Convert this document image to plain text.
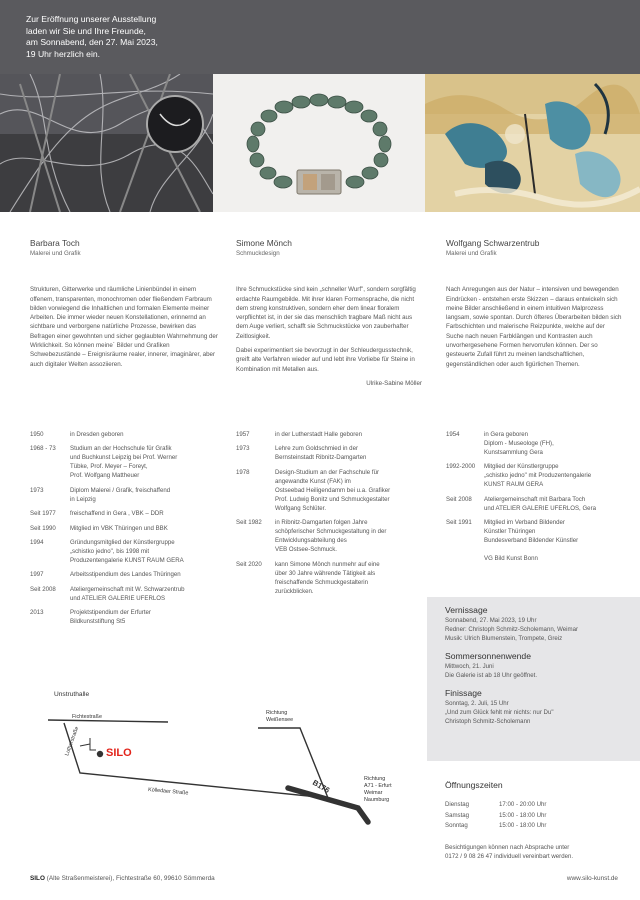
Zur Eröffnung unserer Ausstellung
laden wir Sie und Ihre Freunde,
am Sonnabend, den 27. Mai 2023,
19 Uhr herzlich ein.
Barbara Toch
Malerei und Grafik

Strukturen, Gitterwerke und räumliche Linienbündel in einem offenem, transparenten, monochromen oder fließendem Farbraum bilden vorwiegend die Inhaltlichen und formalen Elemente meiner Arbeiten. Die immer wieder neuen Konstellationen, erinnernd an sichtbare und verborgene natürliche Prozesse, bewirken das Befragen einer gewohnten und sicher geglaubten Wahrnehmung der Wirklichkeit. So können meine´ Bilder und Grafiken Schwebezustände – Ereignisräume realer, innerer, imaginärer, aber auch digitaler Welten assoziieren.

Simone Mönch
Schmuckdesign

Ihre Schmuckstücke sind kein „schneller Wurf", sondern sorgfältig erdachte Raumgebilde. Mit ihrer klaren Formensprache, die nicht dem streng konstruktiven, sondern eher dem linear floralem verpflichtet ist, in der sie das menschlich tragbare Maß nicht aus dem Auge verliert, schafft sie Schmuckstücke von zauberhafter Zeitlosigkeit.

Dabei experimentiert sie bevorzugt in der Schleudergusstechnik, greift alte Verfahren wieder auf und lebt ihre Vorliebe für Steine in Kombination mit Metallen aus.

Ulrike-Sabine Möller
Wolfgang Schwarzentrub
Malerei und Grafik

Nach Anregungen aus der Natur – intensiven und bewegenden Eindrücken - entstehen erste Skizzen – daraus entwickeln sich meine Bilder anschließend in einem intuitiven Malprozess langsam, sowie spontan. Durch öfteres Überarbeiten bilden sich Farbschichten und malerische Reizpunkte, welche auf der Suche nach neuen Farbklängen und Kontrasten auch unvorhergesehene Formen hervorrufen können. Der so gesteuerte Zufall führt zu meinen landschaftlichen, gegenständlichen oder auch figürlichen Themen.

1950	in Dresden geboren
1968 - 73	Studium an der Hochschule für Grafik
und Buchkunst Leipzig bei Prof. Werner
Tübke, Prof. Meyer – Foreyt,
Prof. Wolfgang Mattheuer
1973	Diplom Malerei / Grafik, freischaffend
in Leipzig
Seit 1977	freischaffend in Gera , VBK – DDR
Seit 1990	Mitglied im VBK Thüringen und BBK
1994	Gründungsmitglied der Künstlergruppe
„schistko jedno", bis 1998 mit
Produzentengalerie KUNST RAUM GERA
1997	Arbeitsstipendium des Landes Thüringen
Seit 2008	Ateliergemeinschaft mit W. Schwarzentrub
und ATELIER GALERIE UFERLOS
2013	Projektstipendium der Erfurter
Bildkunststiftung St5
1957	in der Lutherstadt Halle geboren
1973	Lehre zum Goldschmied in der
Bernsteinstadt Ribnitz-Damgarten
1978	Design-Studium an der Fachschule für
angewandte Kunst (FAK) im
Ostseebad Heiligendamm bei u.a. Grafiker
Prof. Ludwig Bonitz und Schmuckgestalter
Wolfgang Schlüter.
Seit 1982	in Ribnitz-Damgarten folgen Jahre
schöpferischer Schmuckgestaltung in der
Entwicklungsabteilung des
VEB Ostsee-Schmuck.
Seit 2020	kann Simone Mönch nunmehr auf eine
über 30 Jahre währende Tätigkeit als
freischaffende Schmuckgestalterin
zurückblicken.
1954	in Gera geboren
Diplom - Museologe (FH),
Kunstsammlung Gera
1992-2000	Mitglied der Künstlergruppe
„schistko jedno" mit Produzentengalerie
KUNST RAUM GERA
Seit 2008	Ateliergemeinschaft mit Barbara Toch
und ATELIER GALERIE UFERLOS, Gera
Seit 1991	Mitglied im Verband Bildender
Künstler Thüringen
Bundesverband Bildender Künstler

VG Bild Kunst Bonn
Vernissage
Sonnabend, 27. Mai 2023, 19 Uhr
Redner: Christoph Schmitz-Scholemann, Weimar
Musik: Ulrich Blumenstein, Trompete, Greiz
Sommersonnenwende
Mittwoch, 21. Juni
Die Galerie ist ab 18 Uhr geöffnet.
Finissage
Sonntag, 2. Juli, 15 Uhr
„Und zum Glück fehlt mir nichts: nur Du"
Christoph Schmitz-Scholemann
Öffnungszeiten
Dienstag	17:00 - 20:00 Uhr
Samstag	15:00 - 18:00 Uhr
Sonntag	15:00 - 18:00 Uhr
Besichtigungen können nach Absprache unter
0172 / 9 08 26 47 individuell vereinbart werden.
Unstruthalle
Fichtestraße
Lutherstraße SILO
Kölledaer Straße
Richtung
Weißensee
B176	Richtung
A71 - Erfurt
Weimar
Naumburg
SILO (Alte Straßenmeisterei), Fichtestraße 60, 99610 Sömmerda	www.silo-kunst.de
